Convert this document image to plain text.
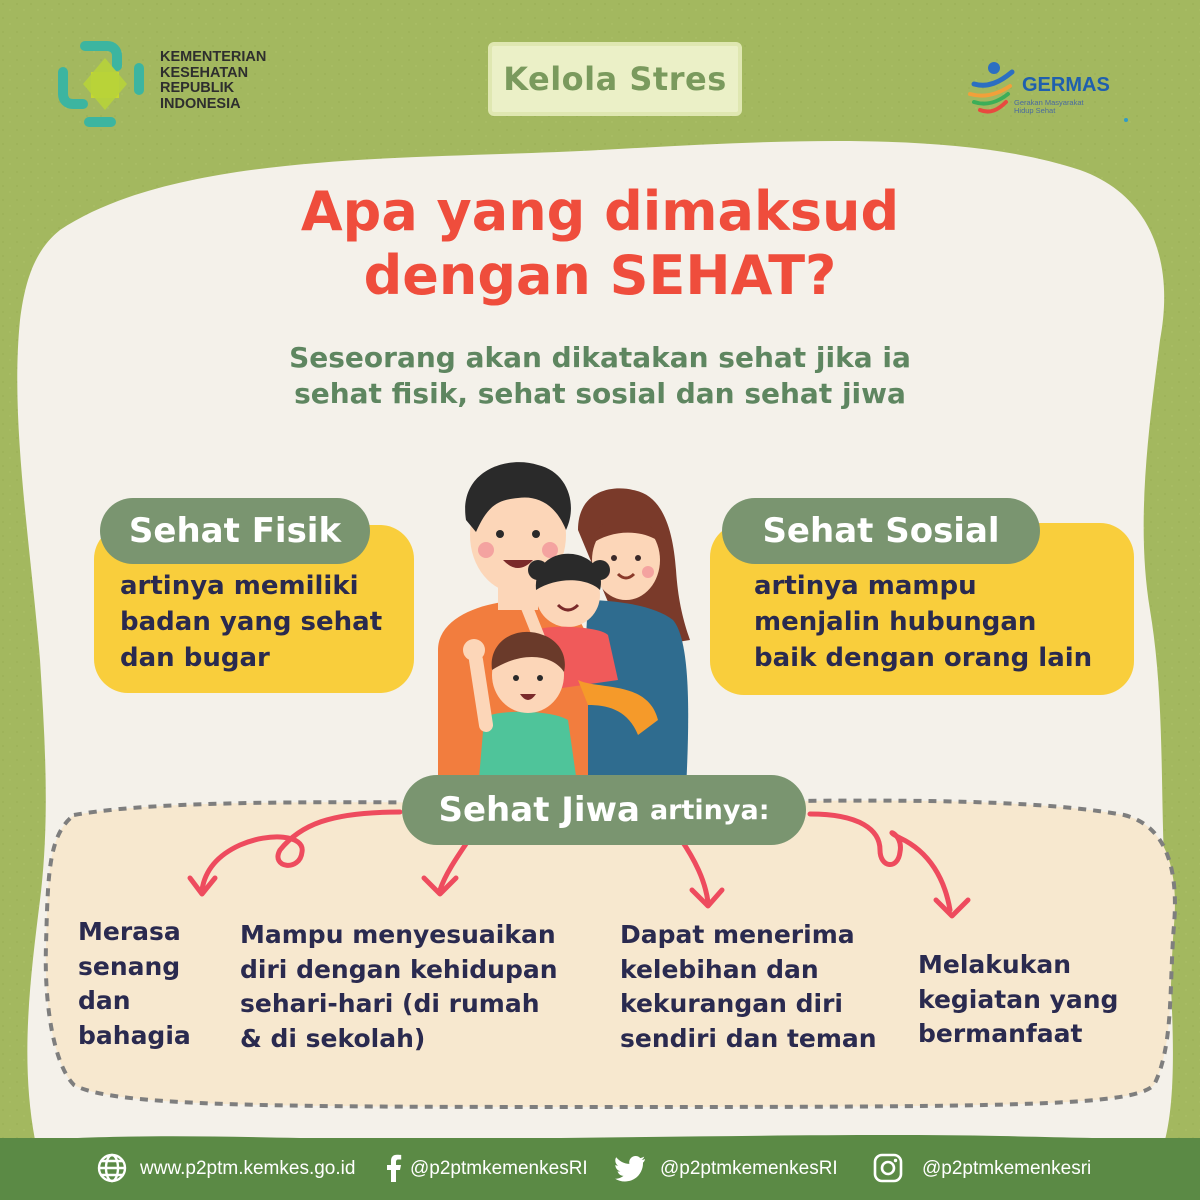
KEMENTERIAN
KESEHATAN
REPUBLIK
INDONESIA
Kelola Stres	GERMAS
Gerakan Masyarakat Hidup Sehat
Apa yang dimaksud
dengan SEHAT?
Seseorang akan dikatakan sehat jika ia
sehat fisik, sehat sosial dan sehat jiwa
Sehat Fisik
artinya memiliki
badan yang sehat
dan bugar
Sehat Sosial
artinya mampu
menjalin hubungan
baik dengan orang lain
Sehat Jiwa artinya:
Merasa
senang
dan
bahagia
Mampu menyesuaikan
diri dengan kehidupan
sehari-hari (di rumah
& di sekolah)
Dapat menerima
kelebihan dan
kekurangan diri
sendiri dan teman
Melakukan
kegiatan yang
bermanfaat
www.p2ptm.kemkes.go.id	@p2ptmkemenkesRI	@p2ptmkemenkesRI	@p2ptmkemenkesri
